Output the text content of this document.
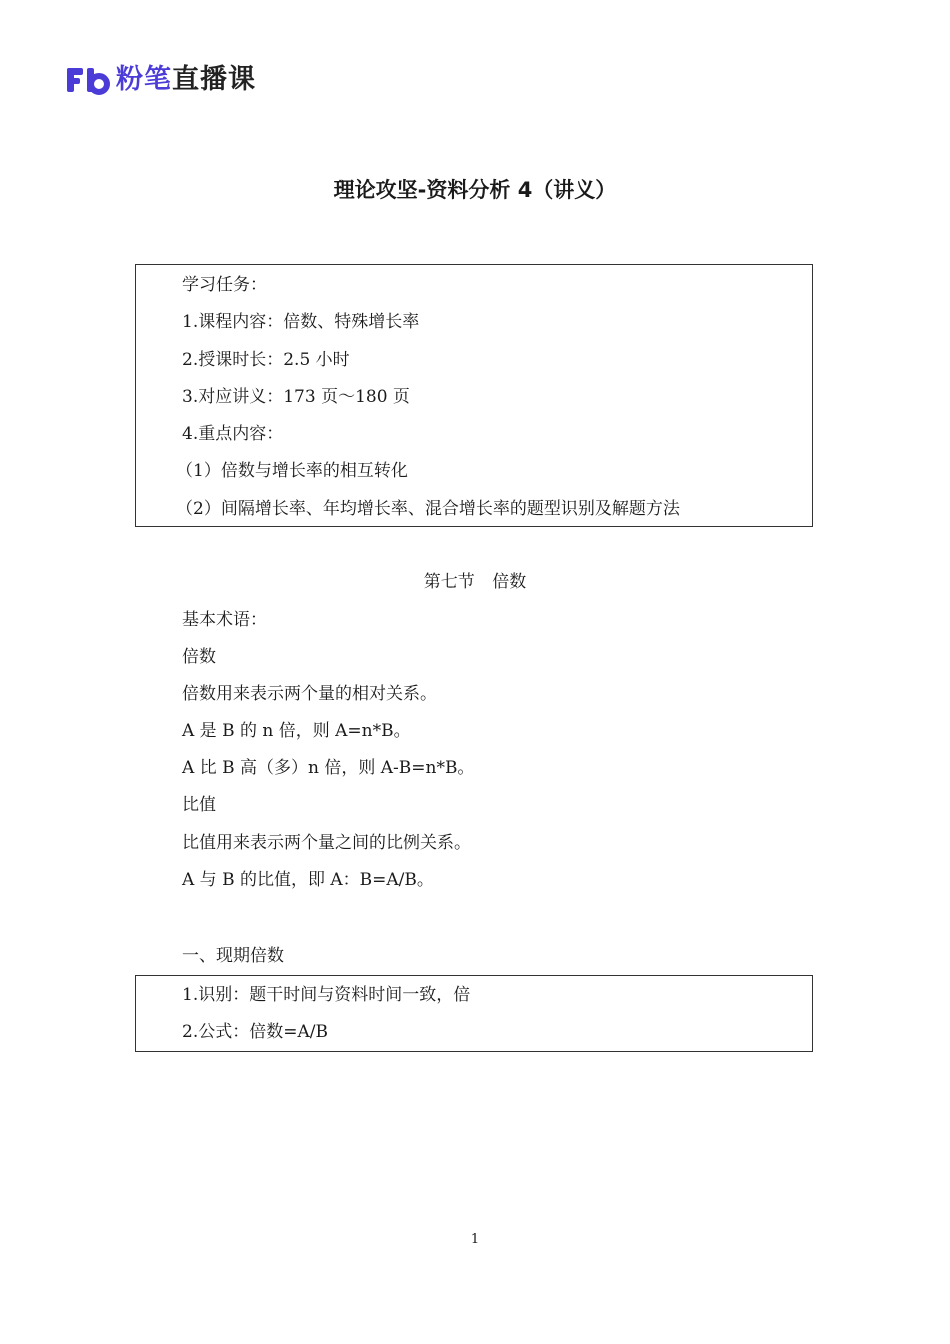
粉笔直播课
理论攻坚-资料分析 4（讲义）
学习任务：
1.课程内容：倍数、特殊增长率
2.授课时长：2.5 小时
3.对应讲义：173 页～180 页
4.重点内容：
（1）倍数与增长率的相互转化
（2）间隔增长率、年均增长率、混合增长率的题型识别及解题方法
第七节 倍数
基本术语：
倍数
倍数用来表示两个量的相对关系。
A 是 B 的 n 倍，则 A=n*B。
A 比 B 高（多）n 倍，则 A-B=n*B。
比值
比值用来表示两个量之间的比例关系。
A 与 B 的比值，即 A：B=A/B。
一、现期倍数
1.识别：题干时间与资料时间一致，倍
2.公式：倍数=A/B
1
